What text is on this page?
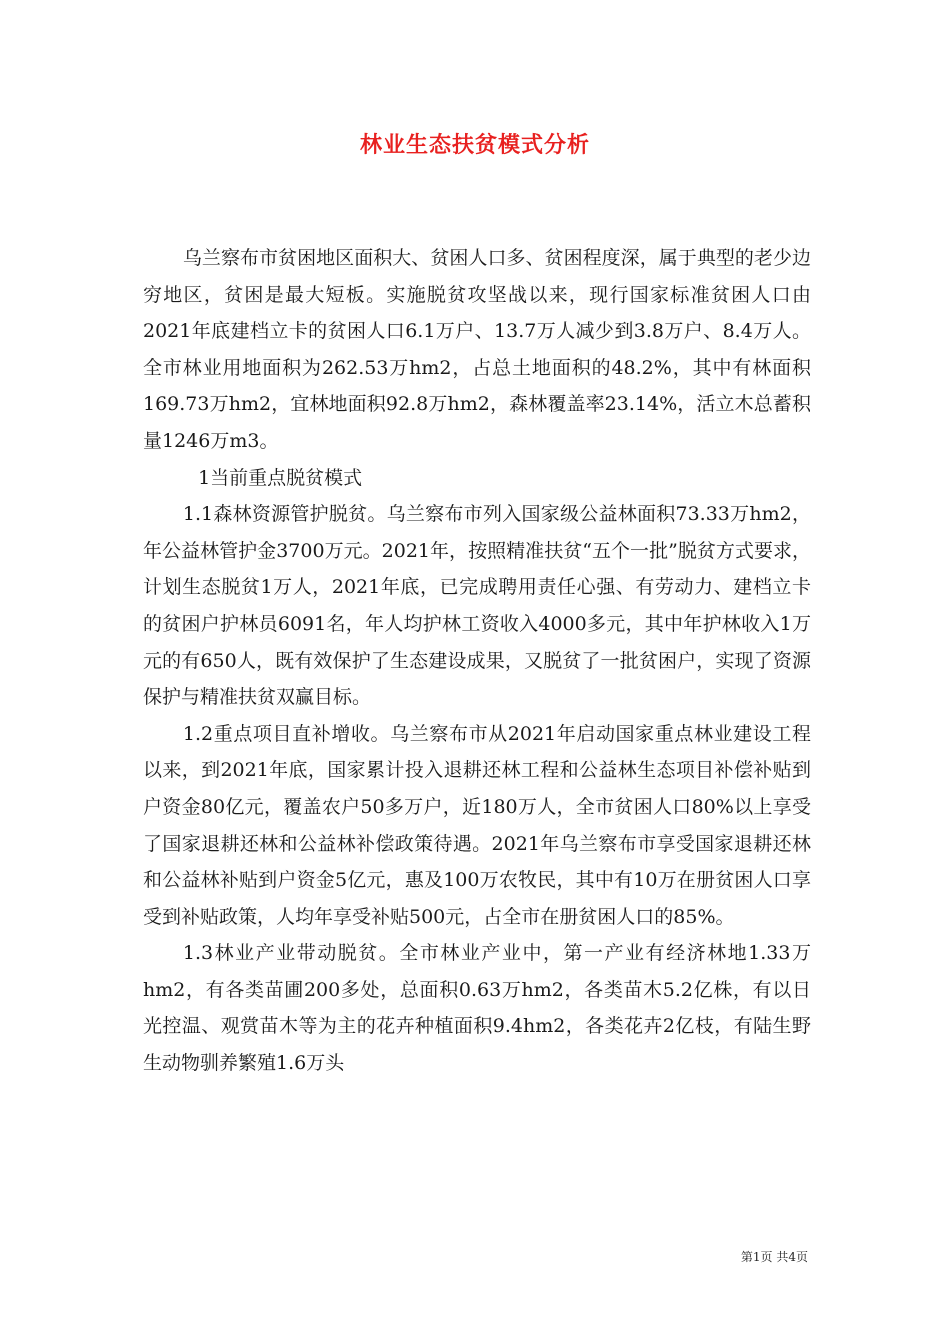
林业生态扶贫模式分析

乌兰察布市贫困地区面积大、贫困人口多、贫困程度深，属于典型的老少边穷地区，贫困是最大短板。实施脱贫攻坚战以来，现行国家标准贫困人口由2021年底建档立卡的贫困人口6.1万户、13.7万人减少到3.8万户、8.4万人。全市林业用地面积为262.53万hm2，占总土地面积的48.2%，其中有林面积169.73万hm2，宜林地面积92.8万hm2，森林覆盖率23.14%，活立木总蓄积量1246万m3。

1当前重点脱贫模式

1.1森林资源管护脱贫。乌兰察布市列入国家级公益林面积73.33万hm2，年公益林管护金3700万元。2021年，按照精准扶贫“五个一批”脱贫方式要求，计划生态脱贫1万人，2021年底，已完成聘用责任心强、有劳动力、建档立卡的贫困户护林员6091名，年人均护林工资收入4000多元，其中年护林收入1万元的有650人，既有效保护了生态建设成果，又脱贫了一批贫困户，实现了资源保护与精准扶贫双赢目标。

1.2重点项目直补增收。乌兰察布市从2021年启动国家重点林业建设工程以来，到2021年底，国家累计投入退耕还林工程和公益林生态项目补偿补贴到户资金80亿元，覆盖农户50多万户，近180万人，全市贫困人口80%以上享受了国家退耕还林和公益林补偿政策待遇。2021年乌兰察布市享受国家退耕还林和公益林补贴到户资金5亿元，惠及100万农牧民，其中有10万在册贫困人口享受到补贴政策，人均年享受补贴500元，占全市在册贫困人口的85%。

1.3林业产业带动脱贫。全市林业产业中，第一产业有经济林地1.33万hm2，有各类苗圃200多处，总面积0.63万hm2，各类苗木5.2亿株，有以日光控温、观赏苗木等为主的花卉种植面积9.4hm2，各类花卉2亿枝，有陆生野生动物驯养繁殖1.6万头

第1页 共4页
